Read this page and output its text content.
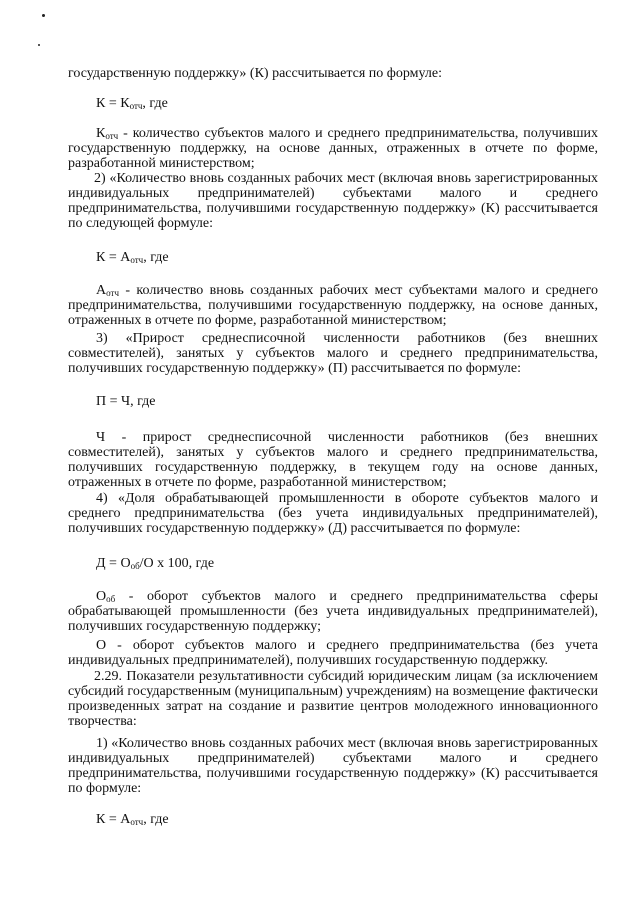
государственную поддержку» (К) рассчитывается по формуле:
$К = К_{отч}$, где
$К_{отч}$ - количество субъектов малого и среднего предпринимательства, получивших
государственную поддержку, на основе данных, отраженных в отчете по форме,
разработанной министерством;
2) «Количество вновь созданных рабочих мест (включая вновь зарегистрированных
индивидуальных предпринимателей) субъектами малого и среднего
предпринимательства, получившими государственную поддержку» (К) рассчитывается
по следующей формуле:
$К = А_{отч}$, где
$А_{отч}$ - количество вновь созданных рабочих мест субъектами малого и среднего
предпринимательства, получившими государственную поддержку, на основе данных,
отраженных в отчете по форме, разработанной министерством;
3) «Прирост среднесписочной численности работников (без внешних
совместителей), занятых у субъектов малого и среднего предпринимательства,
получивших государственную поддержку» (П) рассчитывается по формуле:
П = Ч, где
Ч - прирост среднесписочной численности работников (без внешних
совместителей), занятых у субъектов малого и среднего предпринимательства,
получивших государственную поддержку, в текущем году на основе данных,
отраженных в отчете по форме, разработанной министерством;
4) «Доля обрабатывающей промышленности в обороте субъектов малого и
среднего предпринимательства (без учета индивидуальных предпринимателей),
получивших государственную поддержку» (Д) рассчитывается по формуле:
$Д = О_{об}/О$ х 100, где
$О_{об}$ - оборот субъектов малого и среднего предпринимательства сферы
обрабатывающей промышленности (без учета индивидуальных предпринимателей),
получивших государственную поддержку;
О - оборот субъектов малого и среднего предпринимательства (без учета
индивидуальных предпринимателей), получивших государственную поддержку.
2.29. Показатели результативности субсидий юридическим лицам (за исключением
субсидий государственным (муниципальным) учреждениям) на возмещение фактически
произведенных затрат на создание и развитие центров молодежного инновационного
творчества:
1) «Количество вновь созданных рабочих мест (включая вновь зарегистрированных
индивидуальных предпринимателей) субъектами малого и среднего
предпринимательства, получившими государственную поддержку» (К) рассчитывается
по формуле:
$К = А_{отч}$, где
